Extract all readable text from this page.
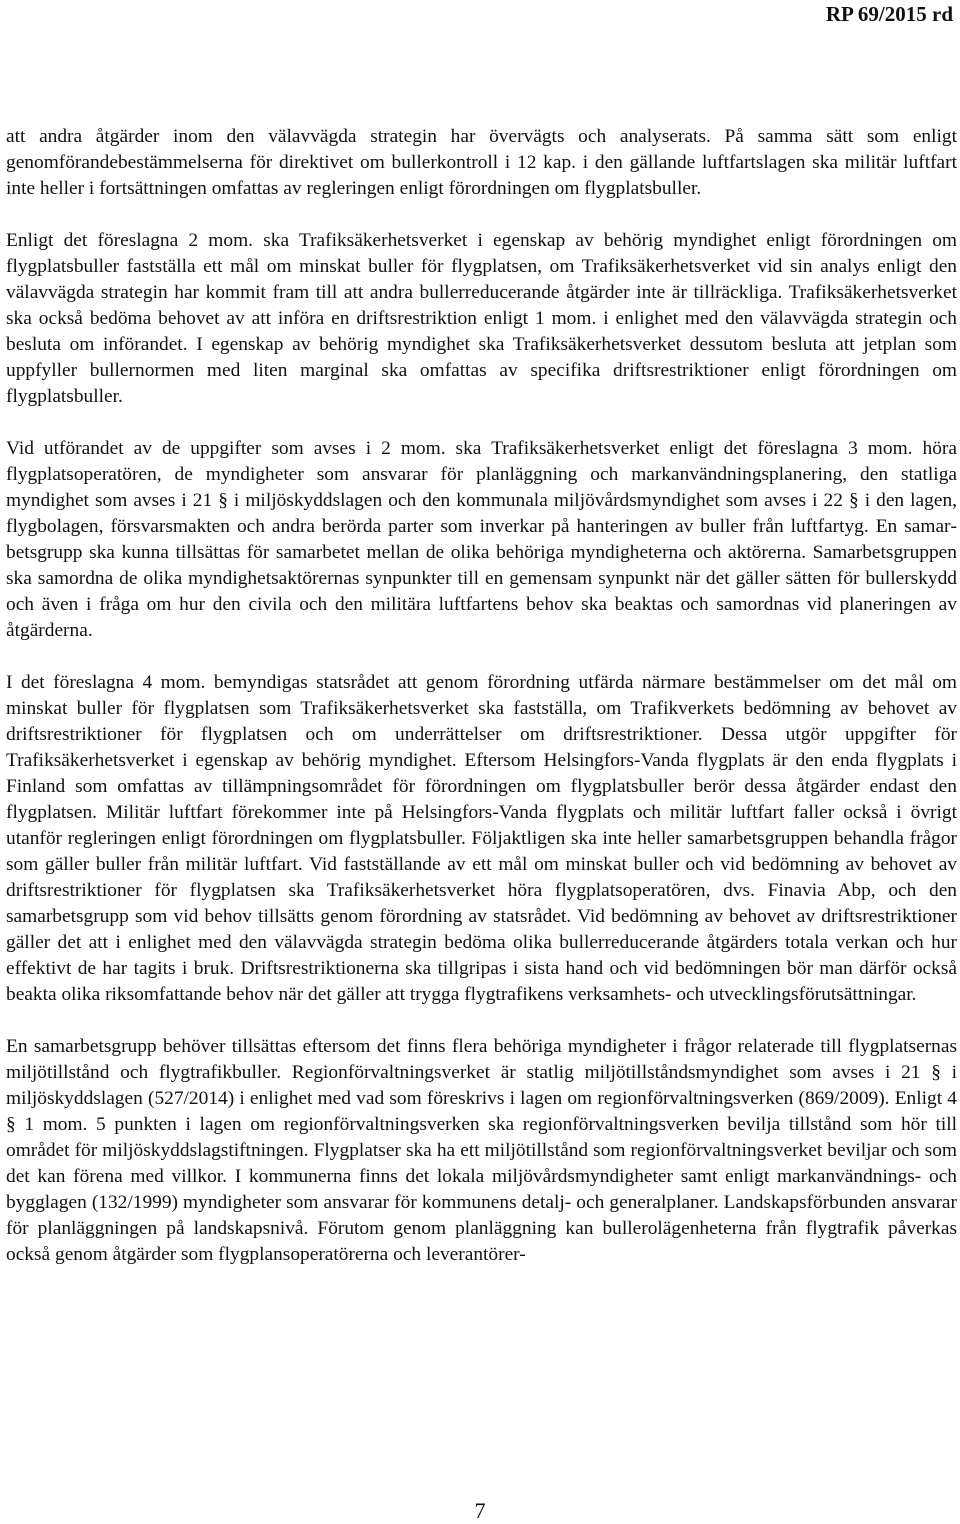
RP 69/2015 rd

att andra åtgärder inom den välavvägda strategin har övervägts och analyserats. På samma sätt som enligt genomförandebestämmelserna för direktivet om bullerkontroll i 12 kap. i den gällande luftfartslagen ska militär luftfart inte heller i fortsättningen omfattas av regleringen enligt förordningen om flygplatsbuller.

Enligt det föreslagna 2 mom. ska Trafiksäkerhetsverket i egenskap av behörig myndighet enligt förordningen om flygplatsbuller fastställa ett mål om minskat buller för flygplatsen, om Trafiksäkerhetsverket vid sin analys enligt den välavvägda strategin har kommit fram till att andra bullerreducerande åtgärder inte är tillräckliga. Trafiksäkerhetsverket ska också bedöma behovet av att införa en driftsrestriktion enligt 1 mom. i enlighet med den välavvägda strategin och besluta om införandet. I egenskap av behörig myndighet ska Trafiksäkerhetsverket dessutom besluta att jetplan som uppfyller bullernormen med liten marginal ska omfattas av specifika driftsrestriktioner enligt förordningen om flygplatsbuller.

Vid utförandet av de uppgifter som avses i 2 mom. ska Trafiksäkerhetsverket enligt det föreslagna 3 mom. höra flygplatsoperatören, de myndigheter som ansvarar för planläggning och markanvändningsplanering, den statliga myndighet som avses i 21 § i miljöskyddslagen och den kommunala miljövårdsmyndighet som avses i 22 § i den lagen, flygbolagen, försvarsmakten och andra berörda parter som inverkar på hanteringen av buller från luftfartyg. En samarbetsgrupp ska kunna tillsättas för samarbetet mellan de olika behöriga myndigheterna och aktörerna. Samarbetsgruppen ska samordna de olika myndighetsaktörernas synpunkter till en gemensam synpunkt när det gäller sätten för bullerskydd och även i fråga om hur den civila och den militära luftfartens behov ska beaktas och samordnas vid planeringen av åtgärderna.

I det föreslagna 4 mom. bemyndigas statsrådet att genom förordning utfärda närmare bestämmelser om det mål om minskat buller för flygplatsen som Trafiksäkerhetsverket ska fastställa, om Trafikverkets bedömning av behovet av driftsrestriktioner för flygplatsen och om underrättelser om driftsrestriktioner. Dessa utgör uppgifter för Trafiksäkerhetsverket i egenskap av behörig myndighet. Eftersom Helsingfors-Vanda flygplats är den enda flygplats i Finland som omfattas av tillämpningsområdet för förordningen om flygplatsbuller berör dessa åtgärder endast den flygplatsen. Militär luftfart förekommer inte på Helsingfors-Vanda flygplats och militär luftfart faller också i övrigt utanför regleringen enligt förordningen om flygplatsbuller. Följaktligen ska inte heller samarbetsgruppen behandla frågor som gäller buller från militär luftfart. Vid fastställande av ett mål om minskat buller och vid bedömning av behovet av driftsrestriktioner för flygplatsen ska Trafiksäkerhetsverket höra flygplatsoperatören, dvs. Finavia Abp, och den samarbetsgrupp som vid behov tillsätts genom förordning av statsrådet. Vid bedömning av behovet av driftsrestriktioner gäller det att i enlighet med den välavvägda strategin bedöma olika bullerreducerande åtgärders totala verkan och hur effektivt de har tagits i bruk. Driftsrestriktionerna ska tillgripas i sista hand och vid bedömningen bör man därför också beakta olika riksomfattande behov när det gäller att trygga flygtrafikens verksamhets- och utvecklingsförutsättningar.

En samarbetsgrupp behöver tillsättas eftersom det finns flera behöriga myndigheter i frågor relaterade till flygplatsernas miljötillstånd och flygtrafikbuller. Regionförvaltningsverket är statlig miljötillståndsmyndighet som avses i 21 § i miljöskyddslagen (527/2014) i enlighet med vad som föreskrivs i lagen om regionförvaltningsverken (869/2009). Enligt 4 § 1 mom. 5 punkten i lagen om regionförvaltningsverken ska regionförvaltningsverken bevilja tillstånd som hör till området för miljöskyddslagstiftningen. Flygplatser ska ha ett miljötillstånd som regionförvaltningsverket beviljar och som det kan förena med villkor. I kommunerna finns det lokala miljövårdsmyndigheter samt enligt markanvändnings- och bygglagen (132/1999) myndigheter som ansvarar för kommunens detalj- och generalplaner. Landskapsförbunden ansvarar för planläggningen på landskapsnivå. Förutom genom planläggning kan bullerolägenheterna från flygtrafik påverkas också genom åtgärder som flygplansoperatörerna och leverantörer-

7
